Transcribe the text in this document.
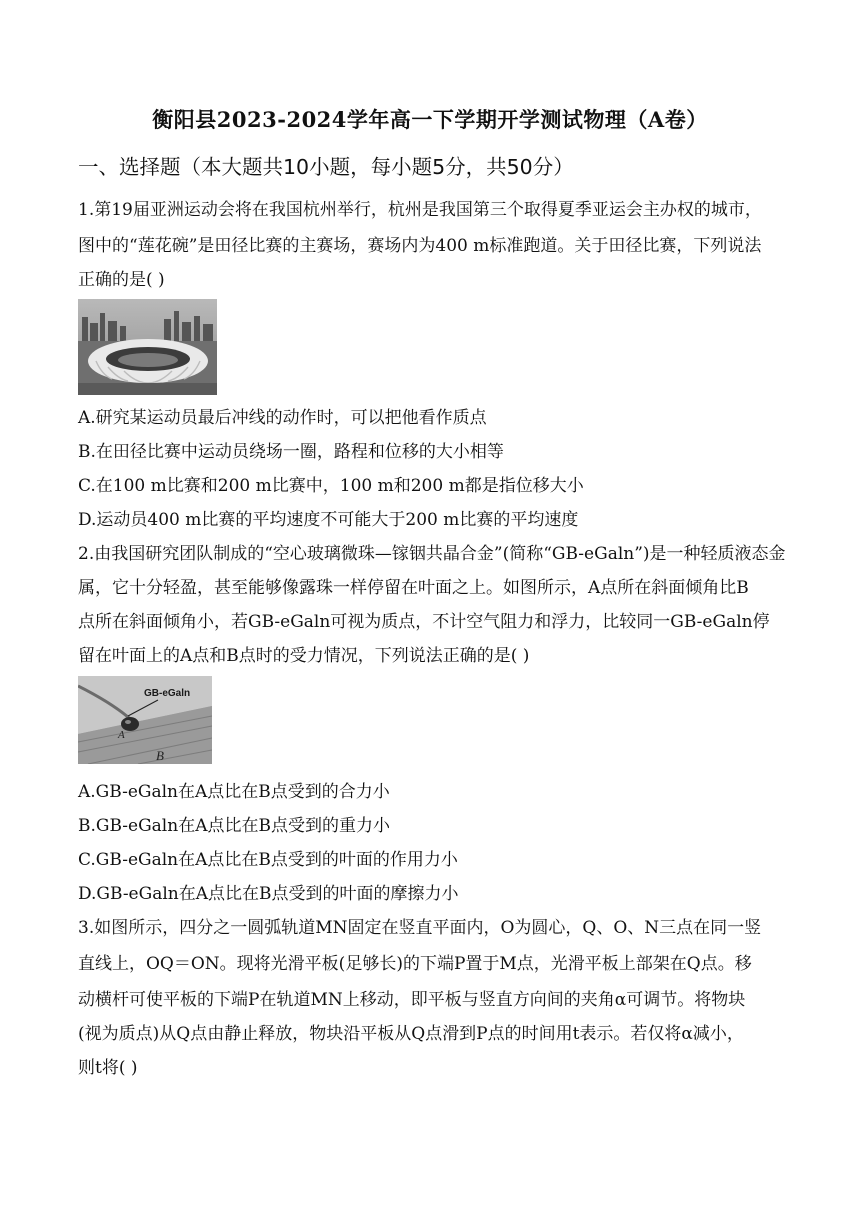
衡阳县2023-2024学年高一下学期开学测试物理（A卷）
一、选择题（本大题共10小题，每小题5分，共50分）
1.第19届亚洲运动会将在我国杭州举行，杭州是我国第三个取得夏季亚运会主办权的城市，
图中的“莲花碗”是田径比赛的主赛场，赛场内为400 m标准跑道。关于田径比赛，下列说法
正确的是( )
A.研究某运动员最后冲线的动作时，可以把他看作质点
B.在田径比赛中运动员绕场一圈，路程和位移的大小相等
C.在100 m比赛和200 m比赛中，100 m和200 m都是指位移大小
D.运动员400 m比赛的平均速度不可能大于200 m比赛的平均速度
2.由我国研究团队制成的“空心玻璃微珠—镓铟共晶合金”(简称“GB-eGaln”)是一种轻质液态金
属，它十分轻盈，甚至能够像露珠一样停留在叶面之上。如图所示，A点所在斜面倾角比B
点所在斜面倾角小，若GB-eGaln可视为质点，不计空气阻力和浮力，比较同一GB-eGaln停
留在叶面上的A点和B点时的受力情况，下列说法正确的是( )
GB-eGaln
A
B
A.GB-eGaln在A点比在B点受到的合力小
B.GB-eGaln在A点比在B点受到的重力小
C.GB-eGaln在A点比在B点受到的叶面的作用力小
D.GB-eGaln在A点比在B点受到的叶面的摩擦力小
3.如图所示，四分之一圆弧轨道MN固定在竖直平面内，O为圆心，Q、O、N三点在同一竖
直线上，OQ＝ON。现将光滑平板(足够长)的下端P置于M点，光滑平板上部架在Q点。移
动横杆可使平板的下端P在轨道MN上移动，即平板与竖直方向间的夹角α可调节。将物块
(视为质点)从Q点由静止释放，物块沿平板从Q点滑到P点的时间用t表示。若仅将α减小，
则t将( )
